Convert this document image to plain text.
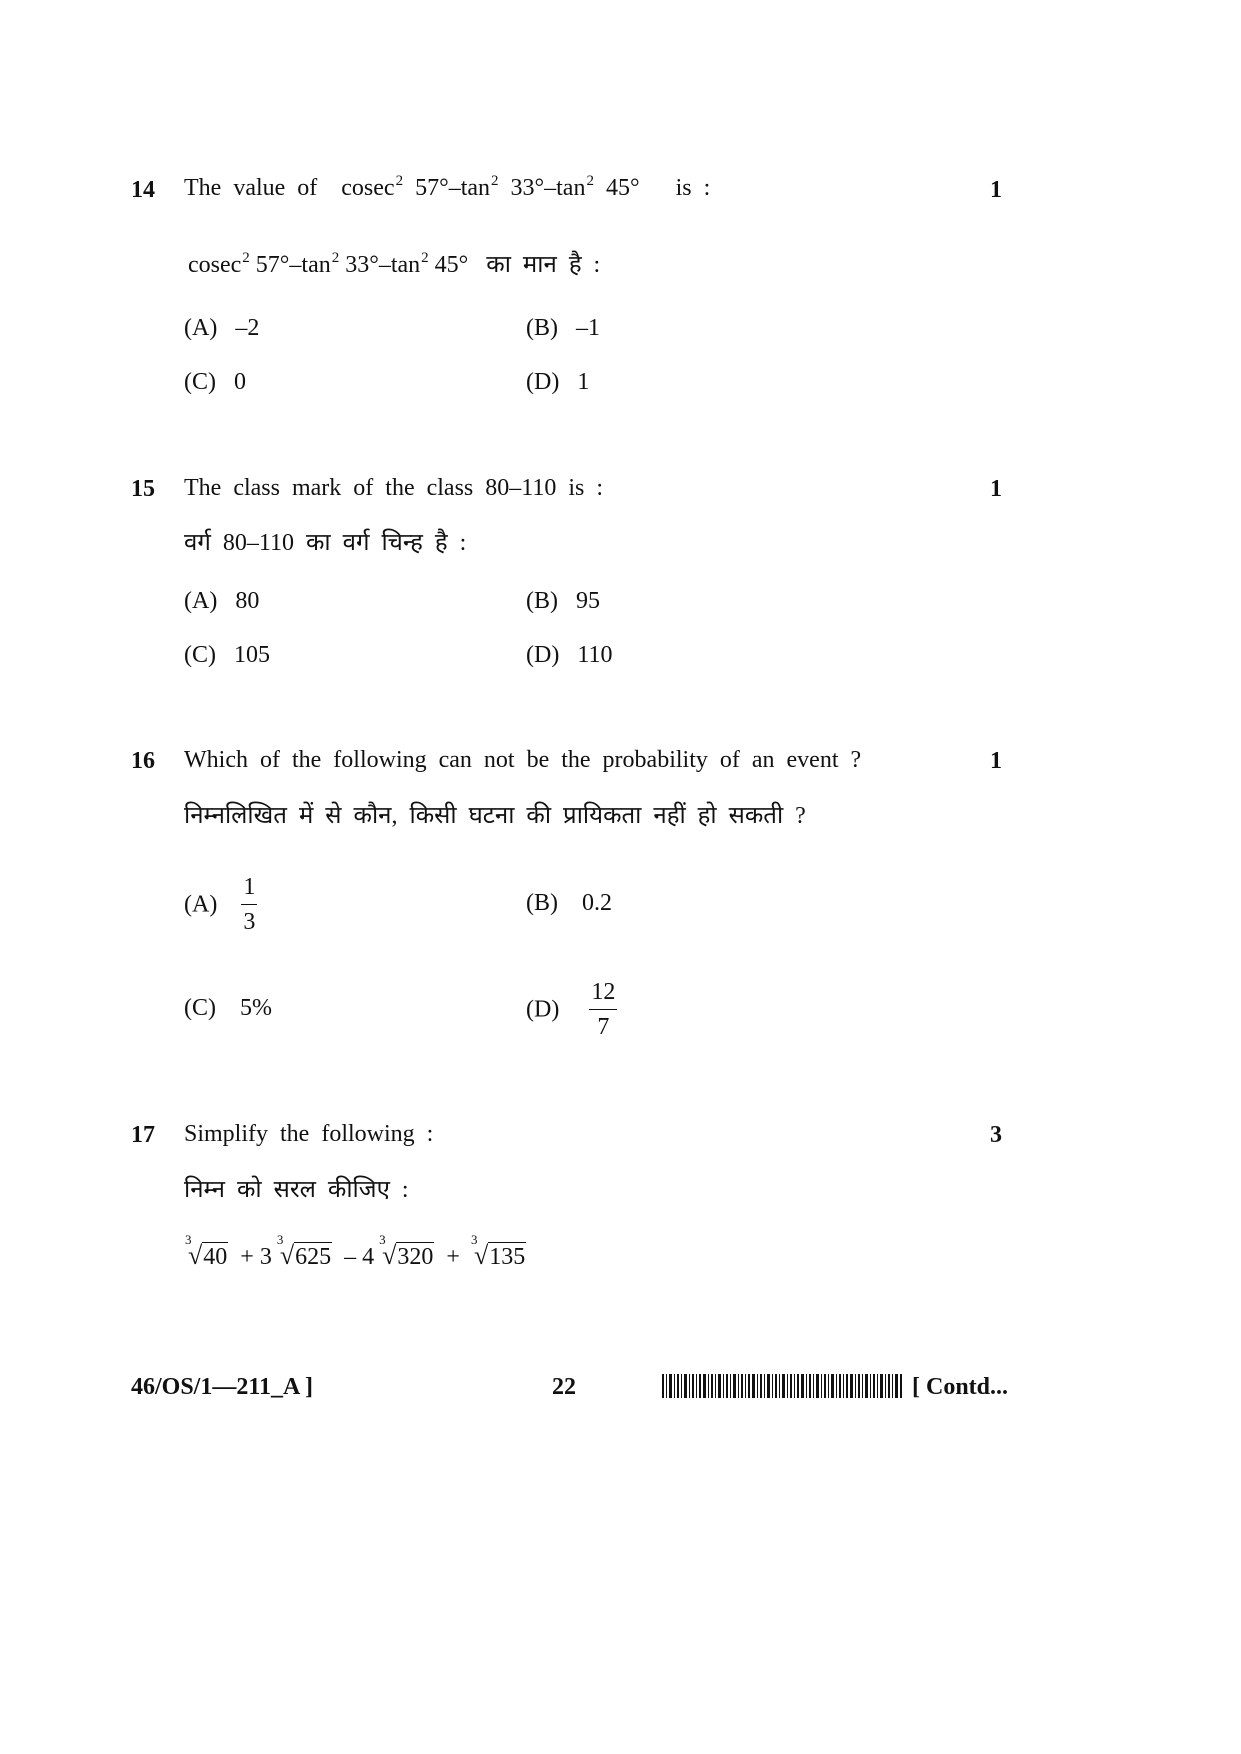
14 The value of cosec$^2$ $57^\circ-\tan^2$ $33^\circ-\tan^2$ 45° is :	1
cosec$^2$ $57^\circ-\tan^2$ $33^\circ-\tan^2$ 45° का मान है :
(A) –2	(B) –1
(C) 0	(D) 1
15 The class mark of the class 80–110 is :	1
वर्ग 80–110 का वर्ग चिन्ह है :
(A) 80	(B) 95
(C) 105	(D) 110
16 Which of the following can not be the probability of an event ?	1
निम्नलिखित में से कौन, किसी घटना की प्रायिकता नहीं हो सकती ?
$(A) \frac{1}{3}$	(B) 0.2
(C) 5%	$(D) \frac{12}{7}$
17 Simplify the following :	3
निम्न को सरल कीजिए :
3
√40 + 3
3
√625 – 4
3
√320 +
3
√135
46/OS/1—211_A ]	22	[ Contd...
